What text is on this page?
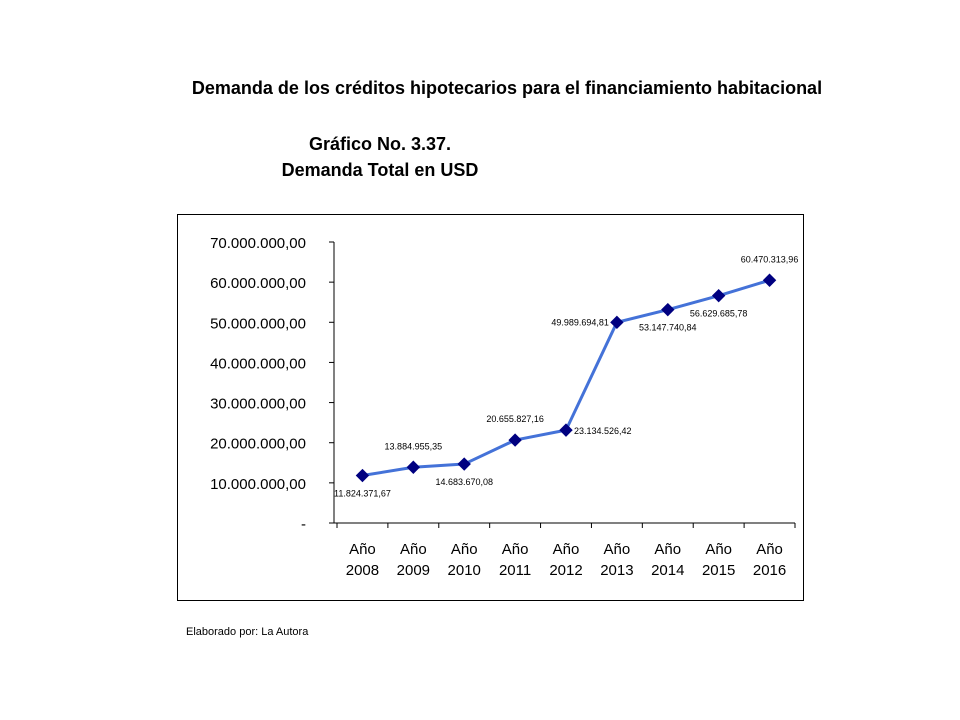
Demanda de los créditos hipotecarios para el financiamiento habitacional
Gráfico No. 3.37.
Demanda Total en USD
-
10.000.000,00
20.000.000,00
30.000.000,00
40.000.000,00
50.000.000,00
60.000.000,00
70.000.000,00
Año
2008
Año
2009
Año
2010
Año
2011
Año
2012
Año
2013
Año
2014
Año
2015
Año
2016
11.824.371,67
13.884.955,35
14.683.670,08
20.655.827,16
23.134.526,42
49.989.694,81
53.147.740,84
56.629.685,78
60.470.313,96
Elaborado por: La Autora
